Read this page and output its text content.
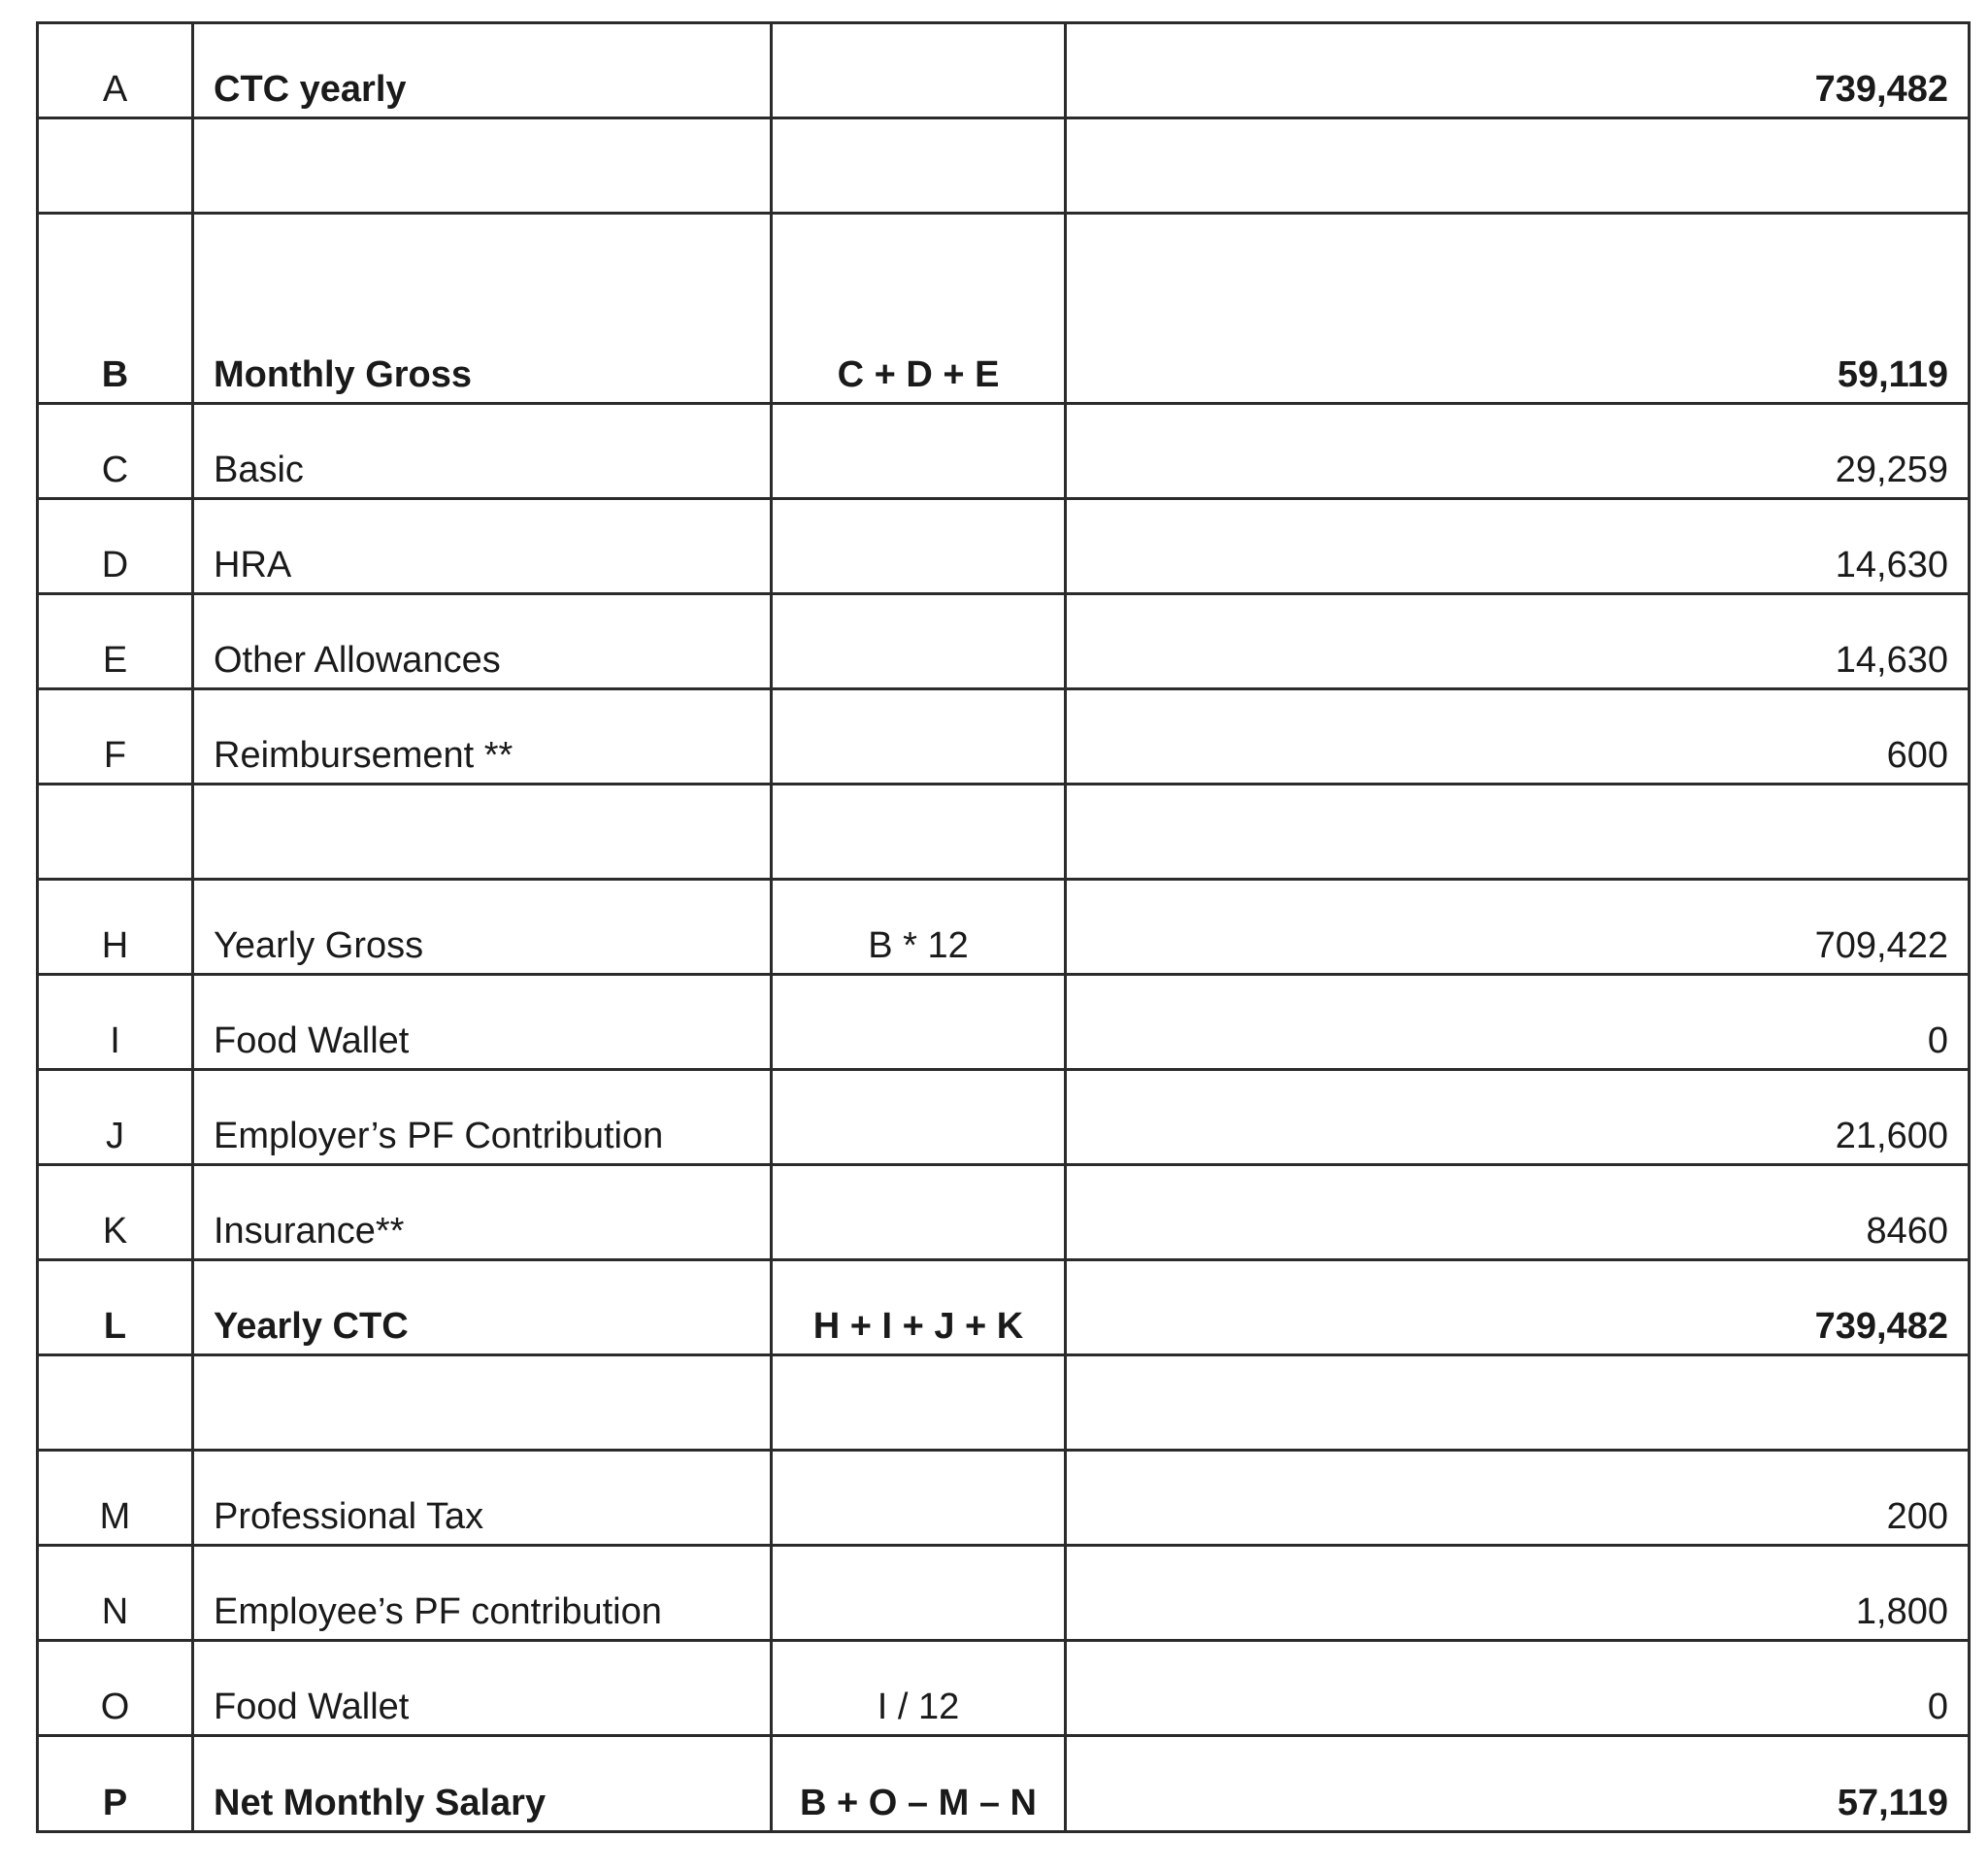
A	CTC yearly		739,482

B	Monthly Gross	C + D + E	59,119
C	Basic		29,259
D	HRA		14,630
E	Other Allowances		14,630
F	Reimbursement **		600

H	Yearly Gross	B * 12	709,422
I	Food Wallet		0
J	Employer’s PF Contribution		21,600
K	Insurance**		8460
L	Yearly CTC	H + I + J + K	739,482

M	Professional Tax		200
N	Employee’s PF contribution		1,800
O	Food Wallet	I / 12	0
P	Net Monthly Salary	B + O – M – N	57,119
